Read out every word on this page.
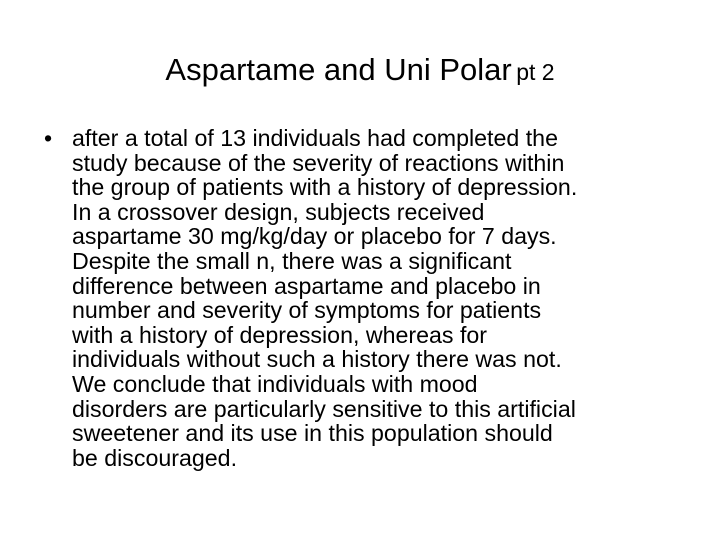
Aspartame and Uni Polar pt 2
• after a total of 13 individuals had completed the
study because of the severity of reactions within
the group of patients with a history of depression.
In a crossover design, subjects received
aspartame 30 mg/kg/day or placebo for 7 days.
Despite the small n, there was a significant
difference between aspartame and placebo in
number and severity of symptoms for patients
with a history of depression, whereas for
individuals without such a history there was not.
We conclude that individuals with mood
disorders are particularly sensitive to this artificial
sweetener and its use in this population should
be discouraged.
